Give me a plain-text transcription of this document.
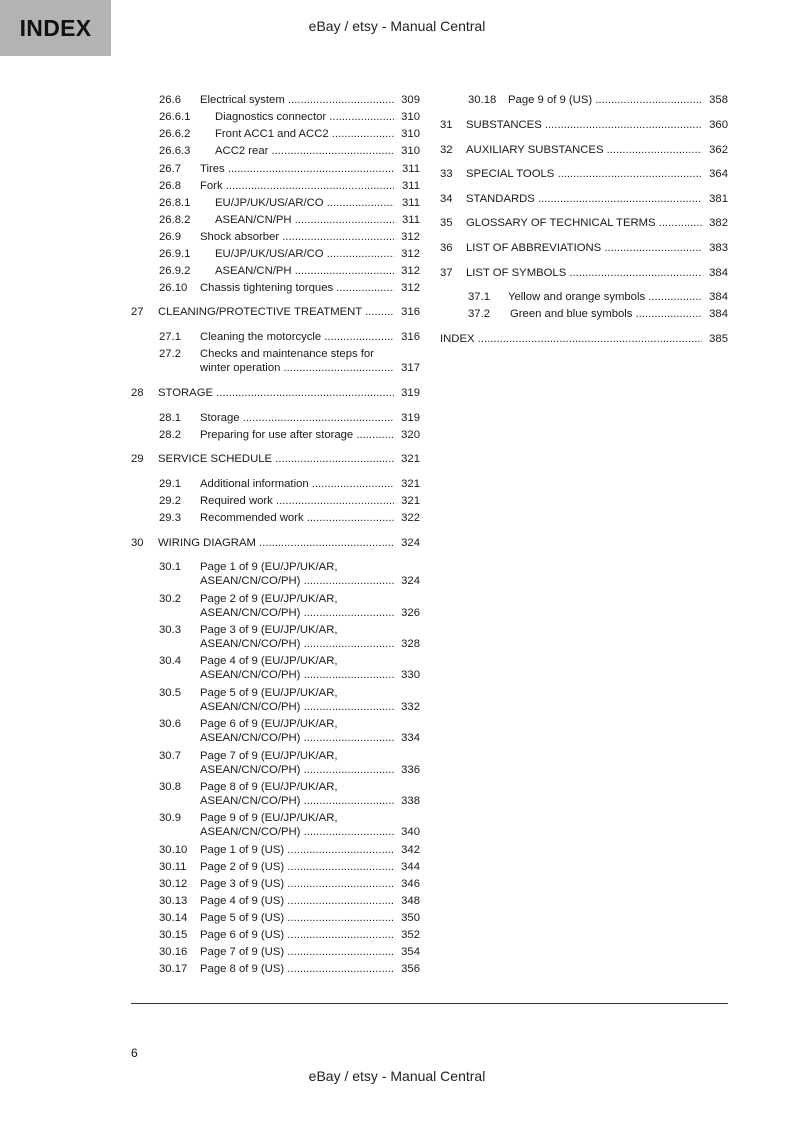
INDEX	eBay / etsy - Manual Central
26.6 Electrical system .....	309
26.6.1 Diagnostics connector .....	310
26.6.2 Front ACC1 and ACC2 .....	310
26.6.3 ACC2 rear .....	310
26.7 Tires .....	311
26.8 Fork .....	311
26.8.1 EU/JP/UK/US/AR/CO .....	311
26.8.2 ASEAN/CN/PH .....	311
26.9 Shock absorber .....	312
26.9.1 EU/JP/UK/US/AR/CO .....	312
26.9.2 ASEAN/CN/PH .....	312
26.10 Chassis tightening torques .....	312
27 CLEANING/PROTECTIVE TREATMENT .....	316
27.1 Cleaning the motorcycle .....	316
27.2 Checks and maintenance steps for
winter operation .....	317
28 STORAGE .....	319
28.1 Storage .....	319
28.2 Preparing for use after storage .....	320
29 SERVICE SCHEDULE .....	321
29.1 Additional information .....	321
29.2 Required work .....	321
29.3 Recommended work .....	322
30 WIRING DIAGRAM .....	324
30.1 Page 1 of 9 (EU/JP/UK/AR,
ASEAN/CN/CO/PH) .....	324
30.2 Page 2 of 9 (EU/JP/UK/AR,
ASEAN/CN/CO/PH) .....	326
30.3 Page 3 of 9 (EU/JP/UK/AR,
ASEAN/CN/CO/PH) .....	328
30.4 Page 4 of 9 (EU/JP/UK/AR,
ASEAN/CN/CO/PH) .....	330
30.5 Page 5 of 9 (EU/JP/UK/AR,
ASEAN/CN/CO/PH) .....	332
30.6 Page 6 of 9 (EU/JP/UK/AR,
ASEAN/CN/CO/PH) .....	334
30.7 Page 7 of 9 (EU/JP/UK/AR,
ASEAN/CN/CO/PH) .....	336
30.8 Page 8 of 9 (EU/JP/UK/AR,
ASEAN/CN/CO/PH) .....	338
30.9 Page 9 of 9 (EU/JP/UK/AR,
ASEAN/CN/CO/PH) .....	340
30.10 Page 1 of 9 (US) .....	342
30.11 Page 2 of 9 (US) .....	344
30.12 Page 3 of 9 (US) .....	346
30.13 Page 4 of 9 (US) .....	348
30.14 Page 5 of 9 (US) .....	350
30.15 Page 6 of 9 (US) .....	352
30.16 Page 7 of 9 (US) .....	354
30.17 Page 8 of 9 (US) .....	356
30.18 Page 9 of 9 (US) .....	358
31 SUBSTANCES .....	360
32 AUXILIARY SUBSTANCES .....	362
33 SPECIAL TOOLS .....	364
34 STANDARDS .....	381
35 GLOSSARY OF TECHNICAL TERMS .....	382
36 LIST OF ABBREVIATIONS .....	383
37 LIST OF SYMBOLS .....	384
37.1 Yellow and orange symbols .....	384
37.2 Green and blue symbols .....	384
INDEX .....	385
6
eBay / etsy - Manual Central
